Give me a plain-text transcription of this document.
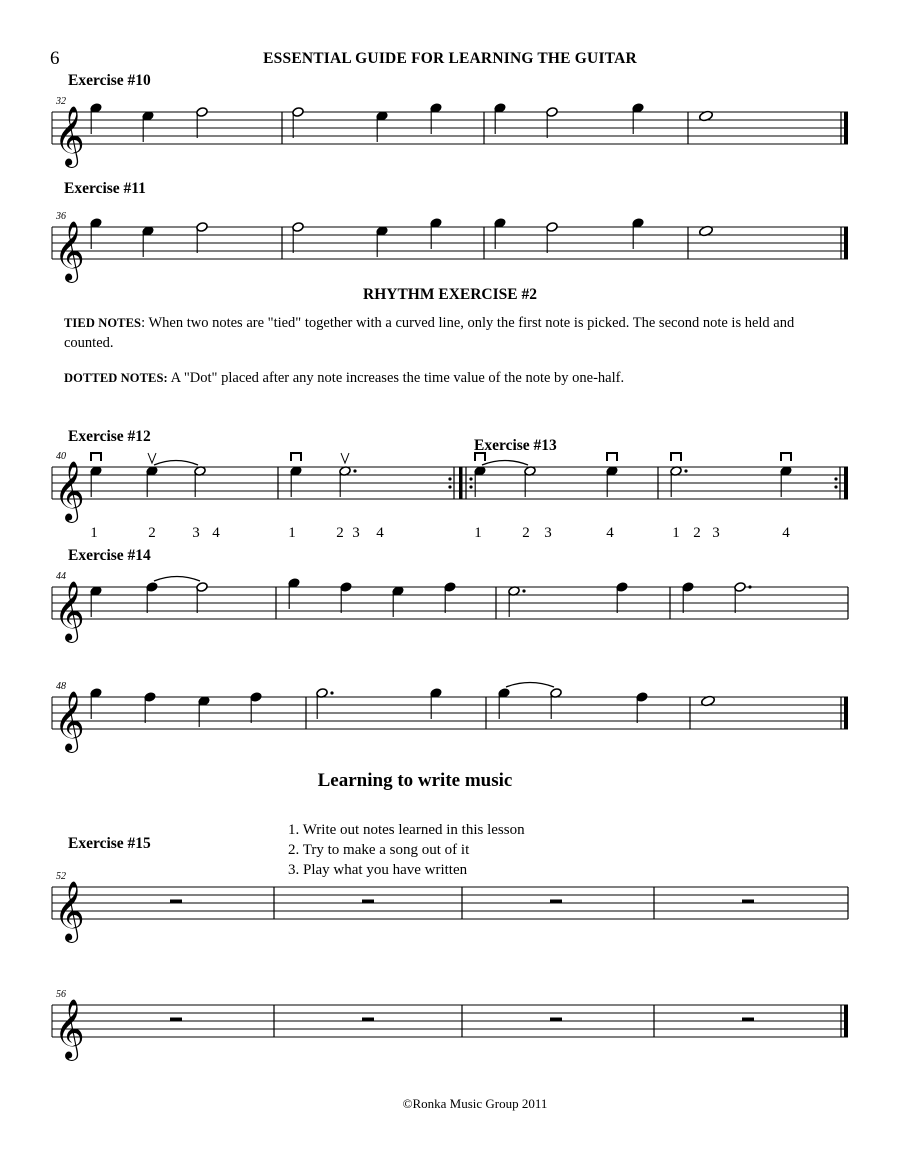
6	ESSENTIAL GUIDE FOR LEARNING THE GUITAR
Exercise #10
32
𝄞
Exercise #11
36
𝄞
RHYTHM EXERCISE #2
TIED NOTES: When two notes are "tied" together with a curved line, only the first note is picked. The second note is held and counted.
DOTTED NOTES: A "Dot" placed after any note increases the time value of the note by one-half.
Exercise #12
Exercise #13
40
𝄞
1	2 3 4	1	2 3 4	1	2 3	4	1 2 3	4
Exercise #14
44
𝄞
48
𝄞
Learning to write music
1. Write out notes learned in this lesson
2. Try to make a song out of it
3. Play what you have written
Exercise #15
52
𝄞
56
𝄞
©Ronka Music Group 2011
